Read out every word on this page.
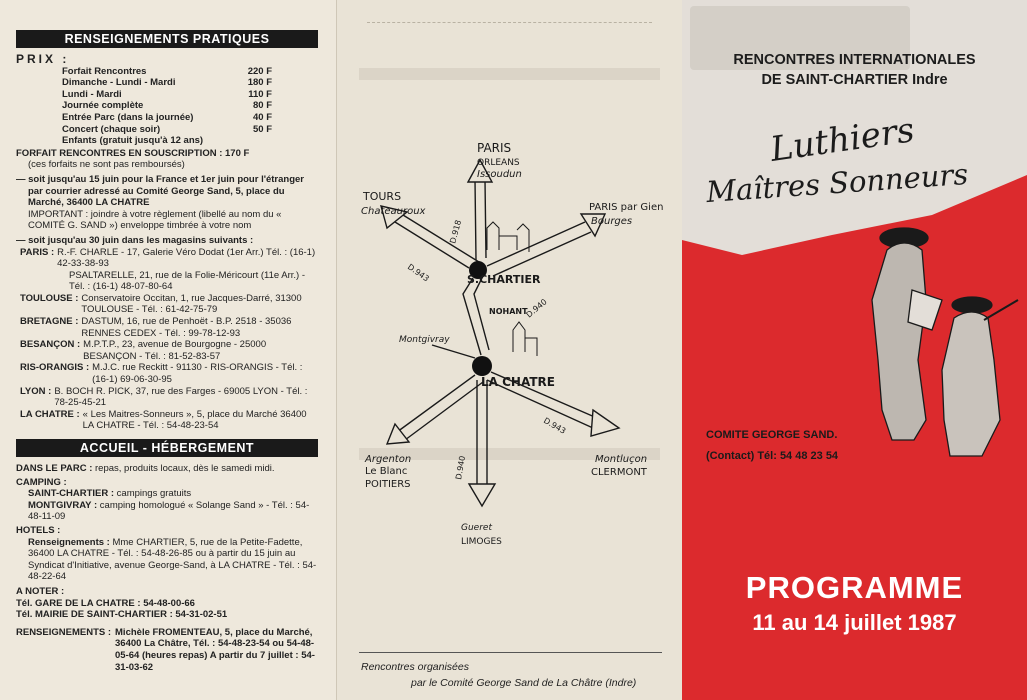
RENSEIGNEMENTS PRATIQUES
PRIX :
Forfait Rencontres	220 F
Dimanche - Lundi - Mardi	180 F
Lundi - Mardi	110 F
Journée complète	80 F
Entrée Parc (dans la journée)	40 F
Concert (chaque soir)	50 F
Enfants (gratuit jusqu'à 12 ans)
FORFAIT RENCONTRES EN SOUSCRIPTION : 170 F
(ces forfaits ne sont pas remboursés)
— soit jusqu'au 15 juin pour la France et 1er juin pour l'étranger
par courrier adressé au Comité George Sand, 5, place du Marché, 36400 LA CHATRE
IMPORTANT : joindre à votre règlement (libellé au nom du « COMITÉ G. SAND ») enveloppe timbrée à votre nom
— soit jusqu'au 30 juin dans les magasins suivants :
PARIS : R.-F. CHARLE - 17, Galerie Véro Dodat (1er Arr.) Tél. : (16-1) 42-33-38-93
PSALTARELLE, 21, rue de la Folie-Méricourt (11e Arr.) - Tél. : (16-1) 48-07-80-64
TOULOUSE : Conservatoire Occitan, 1, rue Jacques-Darré, 31300 TOULOUSE - Tél. : 61-42-75-79
BRETAGNE : DASTUM, 16, rue de Penhoët - B.P. 2518 - 35036 RENNES CEDEX - Tél. : 99-78-12-93
BESANÇON : M.P.T.P., 23, avenue de Bourgogne - 25000 BESANÇON - Tél. : 81-52-83-57
RIS-ORANGIS : M.J.C. rue Reckitt - 91130 - RIS-ORANGIS - Tél. : (16-1) 69-06-30-95
LYON : B. BOCH R. PICK, 37, rue des Farges - 69005 LYON - Tél. : 78-25-45-21
LA CHATRE : « Les Maitres-Sonneurs », 5, place du Marché 36400 LA CHATRE - Tél. : 54-48-23-54
ACCUEIL - HÉBERGEMENT
DANS LE PARC : repas, produits locaux, dès le samedi midi.
CAMPING :
SAINT-CHARTIER : campings gratuits
MONTGIVRAY : camping homologué « Solange Sand » - Tél. : 54-48-11-09
HOTELS :
Renseignements : Mme CHARTIER, 5, rue de la Petite-Fadette, 36400 LA CHATRE - Tél. : 54-48-26-85 ou à partir du 15 juin au Syndicat d'Initiative, avenue George-Sand, à LA CHATRE - Tél. : 54-48-22-64
A NOTER :
Tél. GARE DE LA CHATRE : 54-48-00-66
Tél. MAIRIE DE SAINT-CHARTIER : 54-31-02-51
RENSEIGNEMENTS : Michèle FROMENTEAU, 5, place du Marché, 36400 La Châtre, Tél. : 54-48-23-54 ou 54-48-05-64 (heures repas) A partir du 7 juillet : 54-31-03-62
TOURS
Chateauroux
PARIS
ORLEANS
Issoudun
PARIS par Gien
Bourges
D.918
D.943
D.940
S.CHARTIER
NOHANT
Montgivray
LA CHATRE
D.943
D.940
Argenton
Le Blanc
POITIERS
Montluçon
CLERMONT
Gueret
LIMOGES
Rencontres organisées
par le Comité George Sand de La Châtre (Indre)
RENCONTRES INTERNATIONALES
DE SAINT-CHARTIER Indre
Luthiers
Maîtres Sonneurs
COMITE GEORGE SAND.
(Contact) Tél: 54 48 23 54
PROGRAMME
11 au 14 juillet 1987
